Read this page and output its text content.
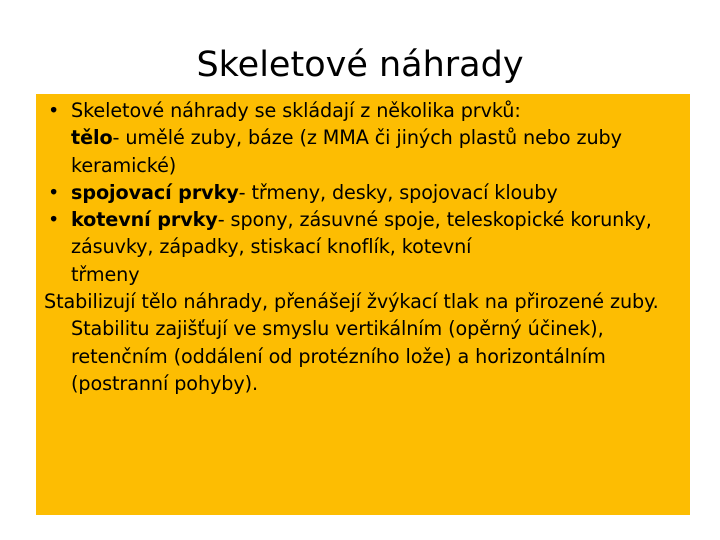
Skeletové náhrady
• Skeletové náhrady se skládají z několika prvků:
tělo- umělé zuby, báze (z MMA či jiných plastů nebo zuby keramické)
• spojovací prvky- třmeny, desky, spojovací klouby
• kotevní prvky- spony, zásuvné spoje, teleskopické korunky, zásuvky, západky, stiskací knoflík, kotevní
třmeny
Stabilizují tělo náhrady, přenášejí žvýkací tlak na přirozené zuby. Stabilitu zajišťují ve smyslu vertikálním (opěrný účinek), retenčním (oddálení od protézního lože) a horizontálním (postranní pohyby).
